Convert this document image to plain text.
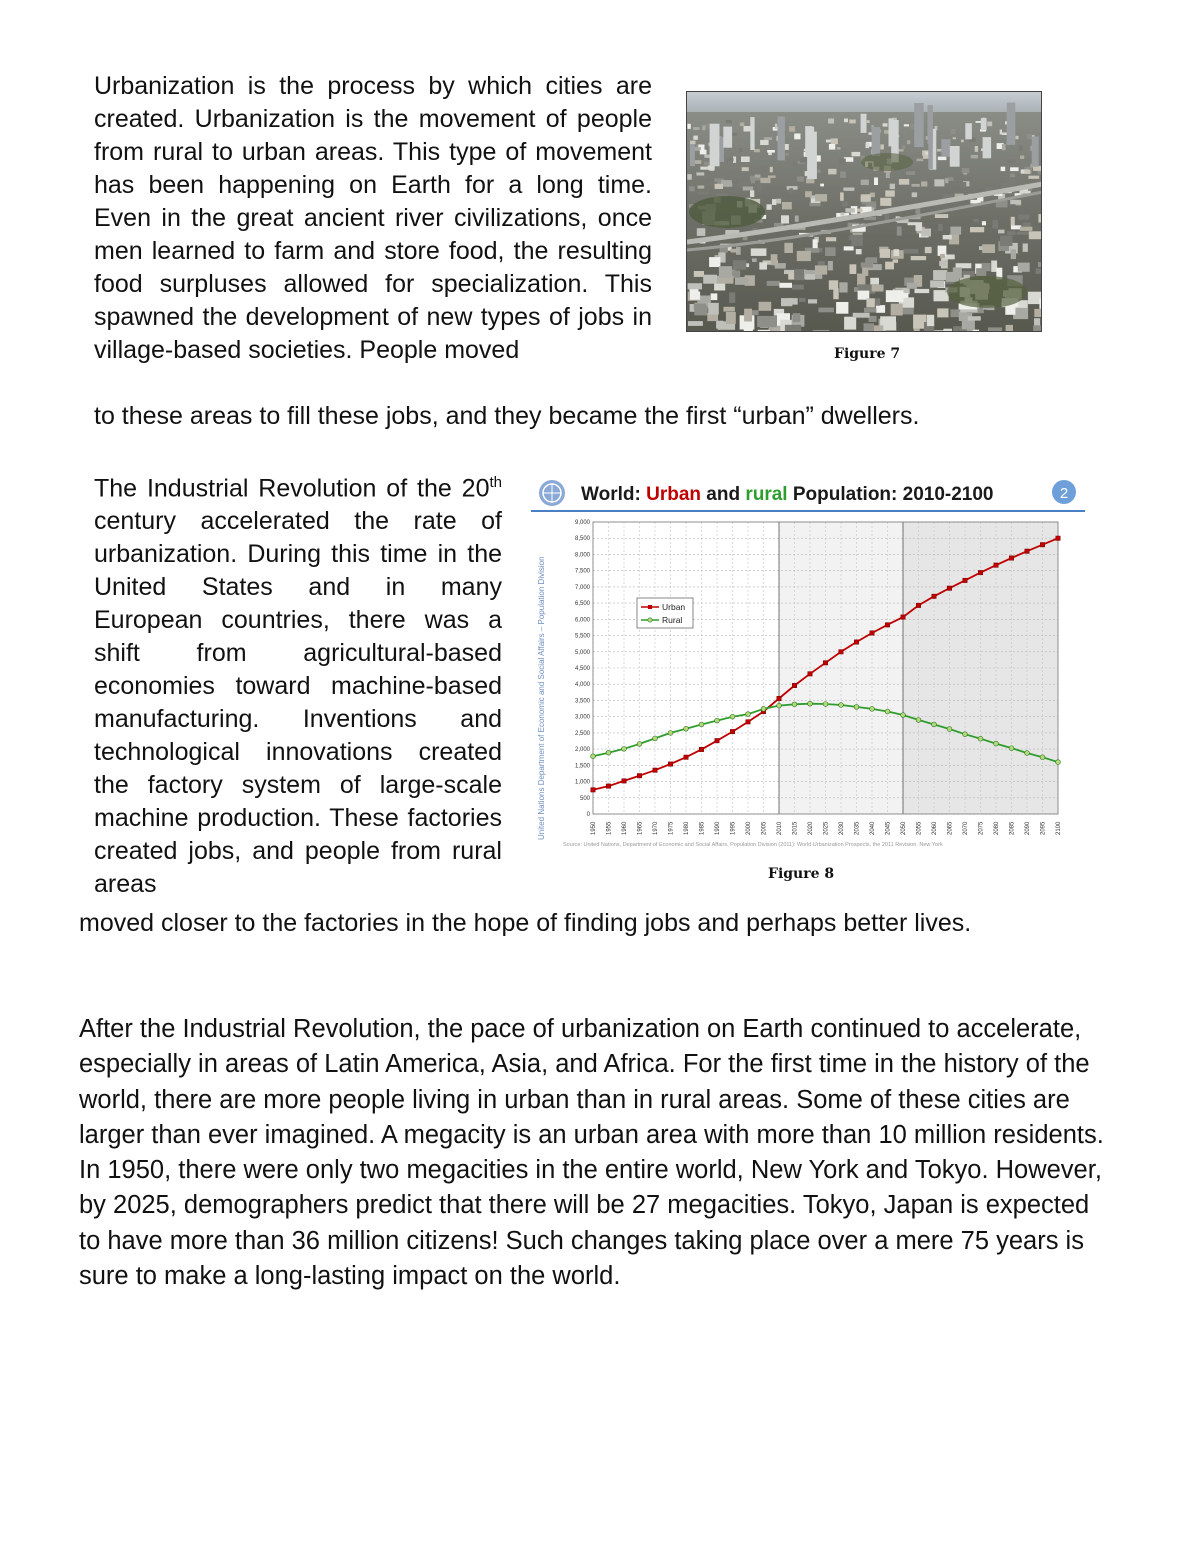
Urbanization is the process by which cities are created. Urbanization is the movement of people from rural to urban areas. This type of movement has been happening on Earth for a long time. Even in the great ancient river civilizations, once men learned to farm and store food, the resulting food surpluses allowed for specialization. This spawned the development of new types of jobs in village-based societies. People moved	Figure 7

to these areas to fill these jobs, and they became the first “urban” dwellers.

The Industrial Revolution of the 20th century accelerated the rate of urbanization. During this time in the United States and in many European countries, there was a shift from agricultural-based economies toward machine-based manufacturing. Inventions and technological innovations created the factory system of large-scale machine production. These factories created jobs, and people from rural areas

World: Urban and rural Population: 2010-2100	2
United Nations Department of Economic and Social Affairs – Population Division	0
500
1,000
1,500
2,000
2,500
3,000
3,500
4,000
4,500
5,000
5,500
6,000
6,500
7,000
7,500
8,000
8,500
9,000
1950 1955 1960 1965 1970 1975 1980 1985 1990 1995 2000 2005 2010 2015 2020 2025 2030 2035 2040 2045 2050 2055 2060 2065 2070 2075 2080 2085 2090 2095 2100
Urban
Rural
Source: United Nations, Department of Economic and Social Affairs, Population Division (2011): World Urbanization Prospects, the 2011 Revision. New York
Figure 8

moved closer to the factories in the hope of finding jobs and perhaps better lives.

After the Industrial Revolution, the pace of urbanization on Earth continued to accelerate, especially in areas of Latin America, Asia, and Africa. For the first time in the history of the world, there are more people living in urban than in rural areas. Some of these cities are larger than ever imagined. A megacity is an urban area with more than 10 million residents. In 1950, there were only two megacities in the entire world, New York and Tokyo. However, by 2025, demographers predict that there will be 27 megacities. Tokyo, Japan is expected to have more than 36 million citizens! Such changes taking place over a mere 75 years is sure to make a long-lasting impact on the world.
